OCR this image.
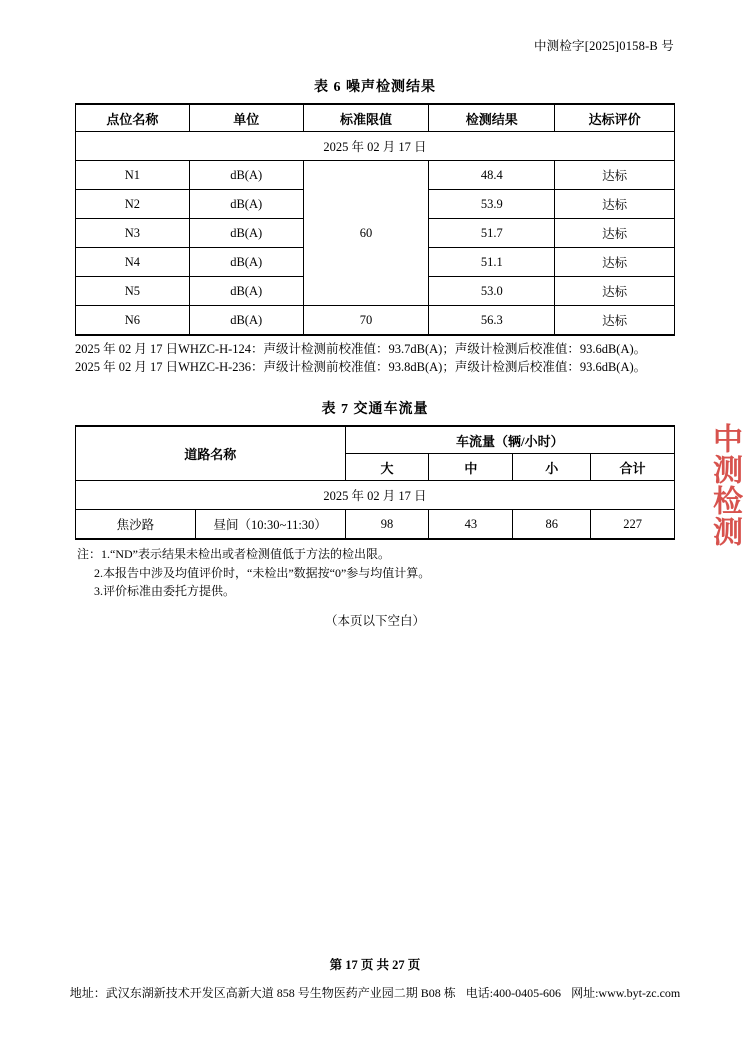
中测检字[2025]0158-B 号
表 6 噪声检测结果
点位名称	单位	标准限值	检测结果	达标评价
2025 年 02 月 17 日				
N1	dB(A)	60	48.4	达标
N2	dB(A)		53.9	达标
N3	dB(A)		51.7	达标
N4	dB(A)		51.1	达标
N5	dB(A)		53.0	达标
N6	dB(A)	70	56.3	达标
2025 年 02 月 17 日WHZC-H-124：声级计检测前校准值：93.7dB(A)；声级计检测后校准值：93.6dB(A)。
2025 年 02 月 17 日WHZC-H-236：声级计检测前校准值：93.8dB(A)；声级计检测后校准值：93.6dB(A)。
表 7 交通车流量
道路名称		车流量（辆/小时）			
		大	中	小	合计
2025 年 02 月 17 日					
焦沙路	昼间（10:30~11:30）	98	43	86	227
注：1.“ND”表示结果未检出或者检测值低于方法的检出限。
2.本报告中涉及均值评价时，“未检出”数据按“0”参与均值计算。
3.评价标准由委托方提供。
（本页以下空白）
中测检测
第 17 页 共 27 页
地址：武汉东湖新技术开发区高新大道 858 号生物医药产业园二期 B08 栋 电话:400-0405-606 网址:www.byt-zc.com
